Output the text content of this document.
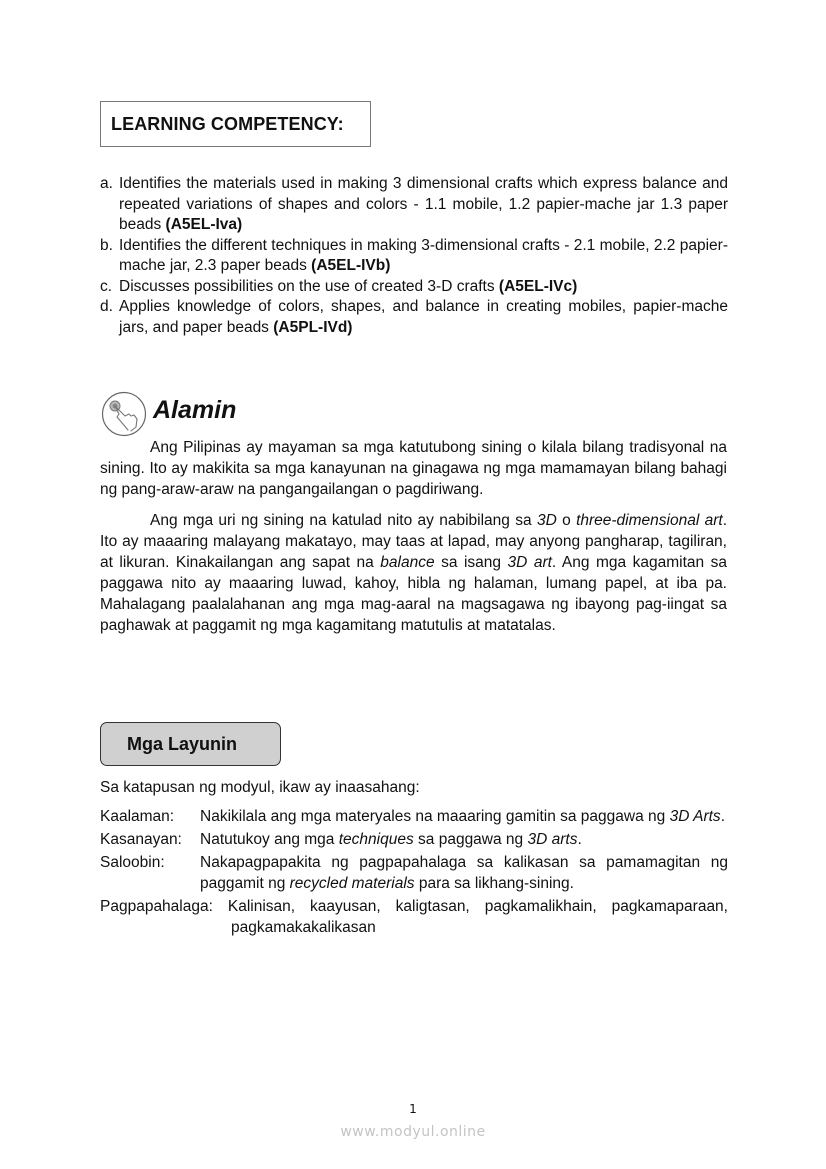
LEARNING COMPETENCY:
a. Identifies the materials used in making 3 dimensional crafts which express balance and repeated variations of shapes and colors - 1.1 mobile, 1.2 papier-mache jar 1.3 paper beads (A5EL-Iva)
b. Identifies the different techniques in making 3-dimensional crafts - 2.1 mobile, 2.2 papier-mache jar, 2.3 paper beads (A5EL-IVb)
c. Discusses possibilities on the use of created 3-D crafts (A5EL-IVc)
d. Applies knowledge of colors, shapes, and balance in creating mobiles, papier-mache jars, and paper beads (A5PL-IVd)
Alamin
Ang Pilipinas ay mayaman sa mga katutubong sining o kilala bilang tradisyonal na sining. Ito ay makikita sa mga kanayunan na ginagawa ng mga mamamayan bilang bahagi ng pang-araw-araw na pangangailangan o pagdiriwang.
Ang mga uri ng sining na katulad nito ay nabibilang sa 3D o three-dimensional art. Ito ay maaaring malayang makatayo, may taas at lapad, may anyong pangharap, tagiliran, at likuran. Kinakailangan ang sapat na balance sa isang 3D art. Ang mga kagamitan sa paggawa nito ay maaaring luwad, kahoy, hibla ng halaman, lumang papel, at iba pa. Mahalagang paalalahanan ang mga mag-aaral na magsagawa ng ibayong pag-iingat sa paghawak at paggamit ng mga kagamitang matutulis at matatalas.
Mga Layunin
Sa katapusan ng modyul, ikaw ay inaasahang:
Kaalaman: Nakikilala ang mga materyales na maaaring gamitin sa paggawa ng 3D Arts.
Kasanayan: Natutukoy ang mga techniques sa paggawa ng 3D arts.
Saloobin: Nakapagpapakita ng pagpapahalaga sa kalikasan sa pamamagitan ng paggamit ng recycled materials para sa likhang-sining.
Pagpapahalaga: Kalinisan, kaayusan, kaligtasan, pagkamalikhain, pagkamaparaan, pagkamakakalikasan
1
www.modyul.online
